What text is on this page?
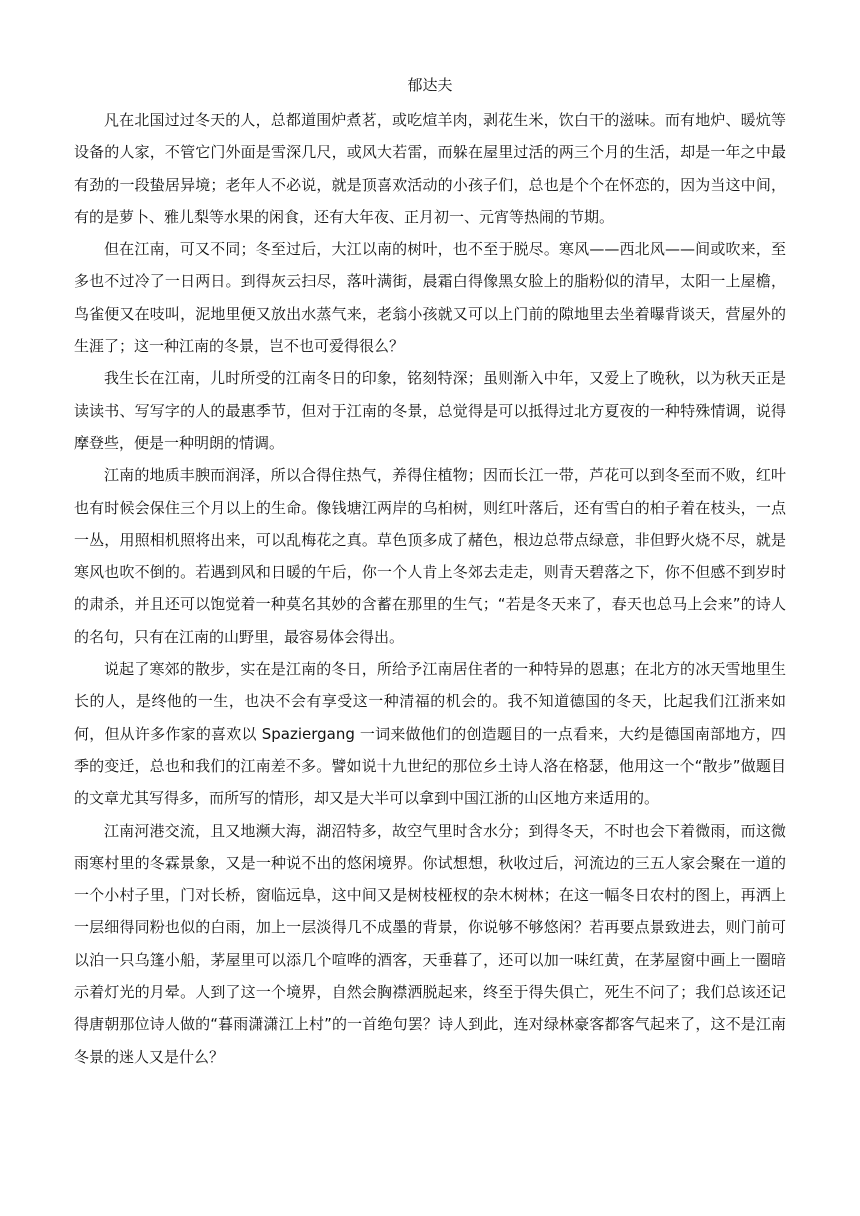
郁达夫

凡在北国过过冬天的人，总都道围炉煮茗，或吃煊羊肉，剥花生米，饮白干的滋味。而有地炉、暖炕等设备的人家，不管它门外面是雪深几尺，或风大若雷，而躲在屋里过活的两三个月的生活，却是一年之中最有劲的一段蛰居异境；老年人不必说，就是顶喜欢活动的小孩子们，总也是个个在怀恋的，因为当这中间，有的是萝卜、雅儿梨等水果的闲食，还有大年夜、正月初一、元宵等热闹的节期。

但在江南，可又不同；冬至过后，大江以南的树叶，也不至于脱尽。寒风——西北风——间或吹来，至多也不过冷了一日两日。到得灰云扫尽，落叶满街，晨霜白得像黑女脸上的脂粉似的清早，太阳一上屋檐，鸟雀便又在吱叫，泥地里便又放出水蒸气来，老翁小孩就又可以上门前的隙地里去坐着曝背谈天，营屋外的生涯了；这一种江南的冬景，岂不也可爱得很么？

我生长在江南，儿时所受的江南冬日的印象，铭刻特深；虽则渐入中年，又爱上了晚秋，以为秋天正是读读书、写写字的人的最惠季节，但对于江南的冬景，总觉得是可以抵得过北方夏夜的一种特殊情调，说得摩登些，便是一种明朗的情调。

江南的地质丰腴而润泽，所以合得住热气，养得住植物；因而长江一带，芦花可以到冬至而不败，红叶也有时候会保住三个月以上的生命。像钱塘江两岸的乌桕树，则红叶落后，还有雪白的桕子着在枝头，一点一丛，用照相机照将出来，可以乱梅花之真。草色顶多成了赭色，根边总带点绿意，非但野火烧不尽，就是寒风也吹不倒的。若遇到风和日暖的午后，你一个人肯上冬郊去走走，则青天碧落之下，你不但感不到岁时的肃杀，并且还可以饱觉着一种莫名其妙的含蓄在那里的生气；“若是冬天来了，春天也总马上会来”的诗人的名句，只有在江南的山野里，最容易体会得出。

说起了寒郊的散步，实在是江南的冬日，所给予江南居住者的一种特异的恩惠；在北方的冰天雪地里生长的人，是终他的一生，也决不会有享受这一种清福的机会的。我不知道德国的冬天，比起我们江浙来如何，但从许多作家的喜欢以 Spaziergang 一词来做他们的创造题目的一点看来，大约是德国南部地方，四季的变迁，总也和我们的江南差不多。譬如说十九世纪的那位乡土诗人洛在格瑟，他用这一个“散步”做题目的文章尤其写得多，而所写的情形，却又是大半可以拿到中国江浙的山区地方来适用的。

江南河港交流，且又地濒大海，湖沼特多，故空气里时含水分；到得冬天，不时也会下着微雨，而这微雨寒村里的冬霖景象，又是一种说不出的悠闲境界。你试想想，秋收过后，河流边的三五人家会聚在一道的一个小村子里，门对长桥，窗临远阜，这中间又是树枝桠杈的杂木树林；在这一幅冬日农村的图上，再洒上一层细得同粉也似的白雨，加上一层淡得几不成墨的背景，你说够不够悠闲？若再要点景致进去，则门前可以泊一只乌篷小船，茅屋里可以添几个喧哗的酒客，天垂暮了，还可以加一味红黄，在茅屋窗中画上一圈暗示着灯光的月晕。人到了这一个境界，自然会胸襟洒脱起来，终至于得失俱亡，死生不问了；我们总该还记得唐朝那位诗人做的“暮雨潇潇江上村”的一首绝句罢？诗人到此，连对绿林豪客都客气起来了，这不是江南冬景的迷人又是什么？
